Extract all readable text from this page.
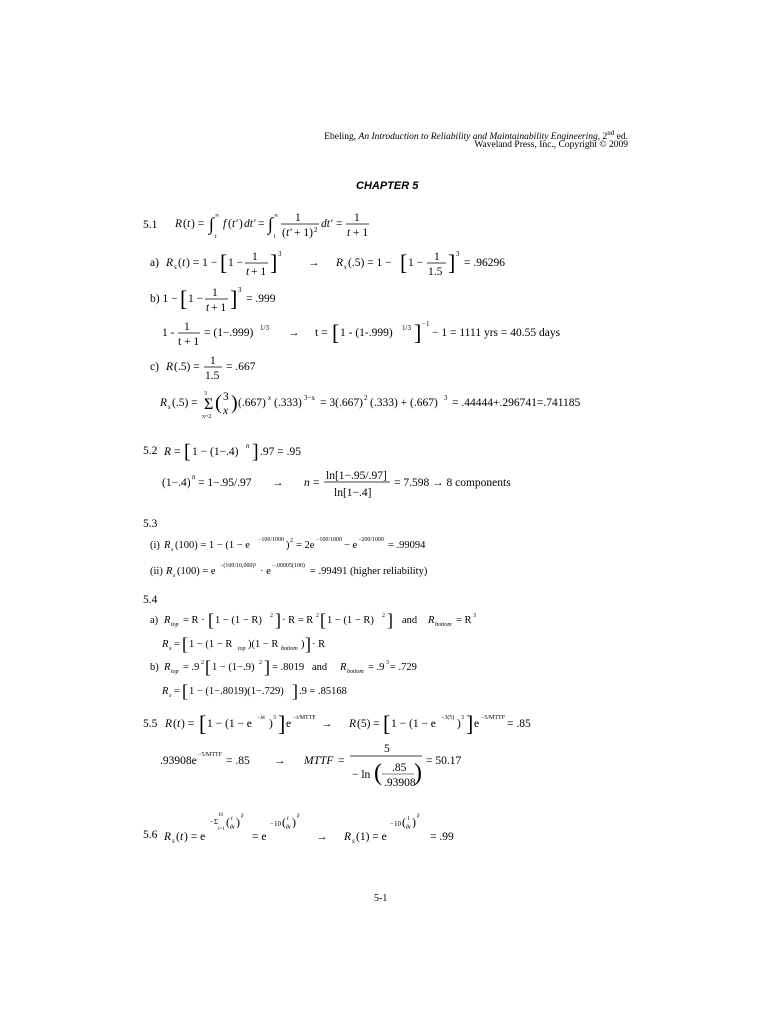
Ebeling, An Introduction to Reliability and Maintainability Engineering, 2nd ed.
Waveland Press, Inc., Copyright © 2009
CHAPTER 5
5.1 R ( t ) = ∫
t
∞
f ( t′ ) dt′ = ∫
t
∞ 1
( t′ + 1) 2 dt′ = 1
t + 1
a) R s ( t ) = 1 − [ 1 − 1
t + 1 ] 3
→ R s (.5) = 1 − [ 1 − 1
1.5 ] 3
= .96296
b) 1 − [ 1 − 1
t + 1 ] 3
= .999
1 - 1
t + 1
= (1−.999) 1/3 → t = [ 1 - (1-.999) 1/3 ] −1
− 1 = 1111 yrs = 40.55 days
c) R (.5) = 1
1.5
= .667
R s (.5) = Σ
3
x=2
( 3
x ) (.667) x (.333) 3−x = 3(.667) 2 (.333) + (.667) 3 = .44444+.296741=.741185
5.2 R = [ 1 − (1−.4) n ] .97 = .95
(1−.4) n = 1−.95/.97 → n =
ln[1−.95/.97]
ln[1−.4]
= 7.598 → 8 components
5.3
(i) R s (100) = 1 − (1 − e −100/1000 ) 2 = 2e −100/1000 − e −200/1000 = .99094
(ii) R s (100) = e −(100/10,000)² · e −.00005(100) = .99491 (higher reliability)
5.4
a) R top = R · [ 1 − (1 − R) 2 ] · R = R 2 [ 1 − (1 − R) 2 ] and R bottom = R 3
R s = [ 1 − (1 − R top )(1 − R bottom ) ] · R
b) R top = .9 2 [ 1 − (1−.9) 2 ] = .8019 and R bottom = .9 3 = .729
R s = [ 1 − (1−.8019)(1−.729) ] .9 = .85168
5.5 R ( t ) = [ 1 − (1 − e −λt ) 3 ] e −t/MTTF → R (5) = [ 1 − (1 − e −3(5) ) 3 ] e −5/MTTF = .85
.93908e −5/MTTF = .85 → MTTF =
5
− ln ( .85
.93908
) = 50.17
5.6 R s ( t ) = e
−Σ
10
i=1
( t
θi ) β
= e
−10 ( t
θi ) β
→ R s (1) = e
−10 ( 1
θi ) β
= .99
5-1
